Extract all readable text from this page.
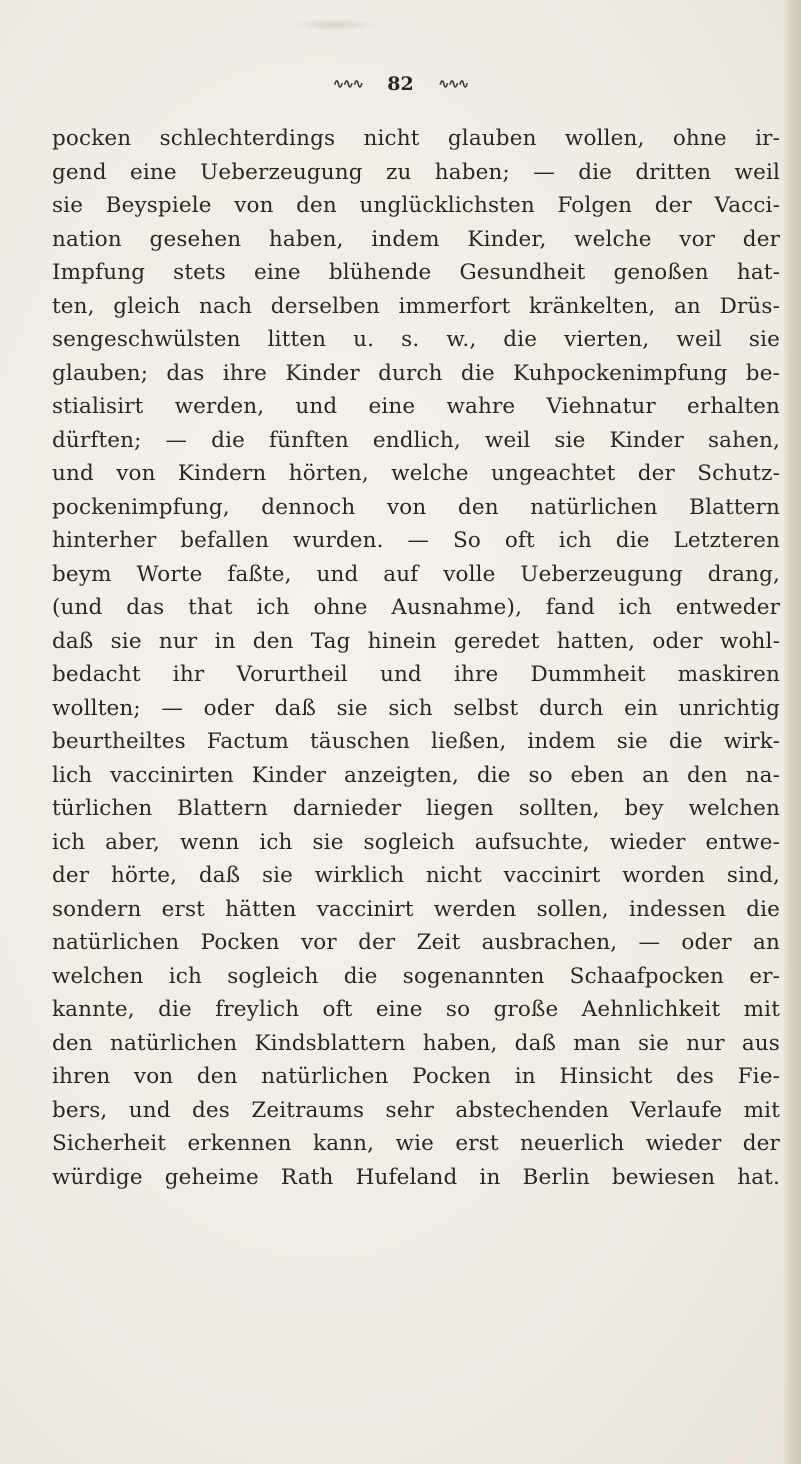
∿∿∿ 82 ∿∿∿
pocken schlechterdings nicht glauben wollen, ohne ir-
gend eine Ueberzeugung zu haben; — die dritten weil
sie Beyspiele von den unglücklichsten Folgen der Vacci-
nation gesehen haben, indem Kinder, welche vor der
Impfung stets eine blühende Gesundheit genoßen hat-
ten, gleich nach derselben immerfort kränkelten, an Drüs-
sengeschwülsten litten u. s. w., die vierten, weil sie
glauben; das ihre Kinder durch die Kuhpockenimpfung be-
stialisirt werden, und eine wahre Viehnatur erhalten
dürften; — die fünften endlich, weil sie Kinder sahen,
und von Kindern hörten, welche ungeachtet der Schutz-
pockenimpfung, dennoch von den natürlichen Blattern
hinterher befallen wurden. — So oft ich die Letzteren
beym Worte faßte, und auf volle Ueberzeugung drang,
(und das that ich ohne Ausnahme), fand ich entweder
daß sie nur in den Tag hinein geredet hatten, oder wohl-
bedacht ihr Vorurtheil und ihre Dummheit maskiren
wollten; — oder daß sie sich selbst durch ein unrichtig
beurtheiltes Factum täuschen ließen, indem sie die wirk-
lich vaccinirten Kinder anzeigten, die so eben an den na-
türlichen Blattern darnieder liegen sollten, bey welchen
ich aber, wenn ich sie sogleich aufsuchte, wieder entwe-
der hörte, daß sie wirklich nicht vaccinirt worden sind,
sondern erst hätten vaccinirt werden sollen, indessen die
natürlichen Pocken vor der Zeit ausbrachen, — oder an
welchen ich sogleich die sogenannten Schaafpocken er-
kannte, die freylich oft eine so große Aehnlichkeit mit
den natürlichen Kindsblattern haben, daß man sie nur aus
ihren von den natürlichen Pocken in Hinsicht des Fie-
bers, und des Zeitraums sehr abstechenden Verlaufe mit
Sicherheit erkennen kann, wie erst neuerlich wieder der
würdige geheime Rath Hufeland in Berlin bewiesen hat.
